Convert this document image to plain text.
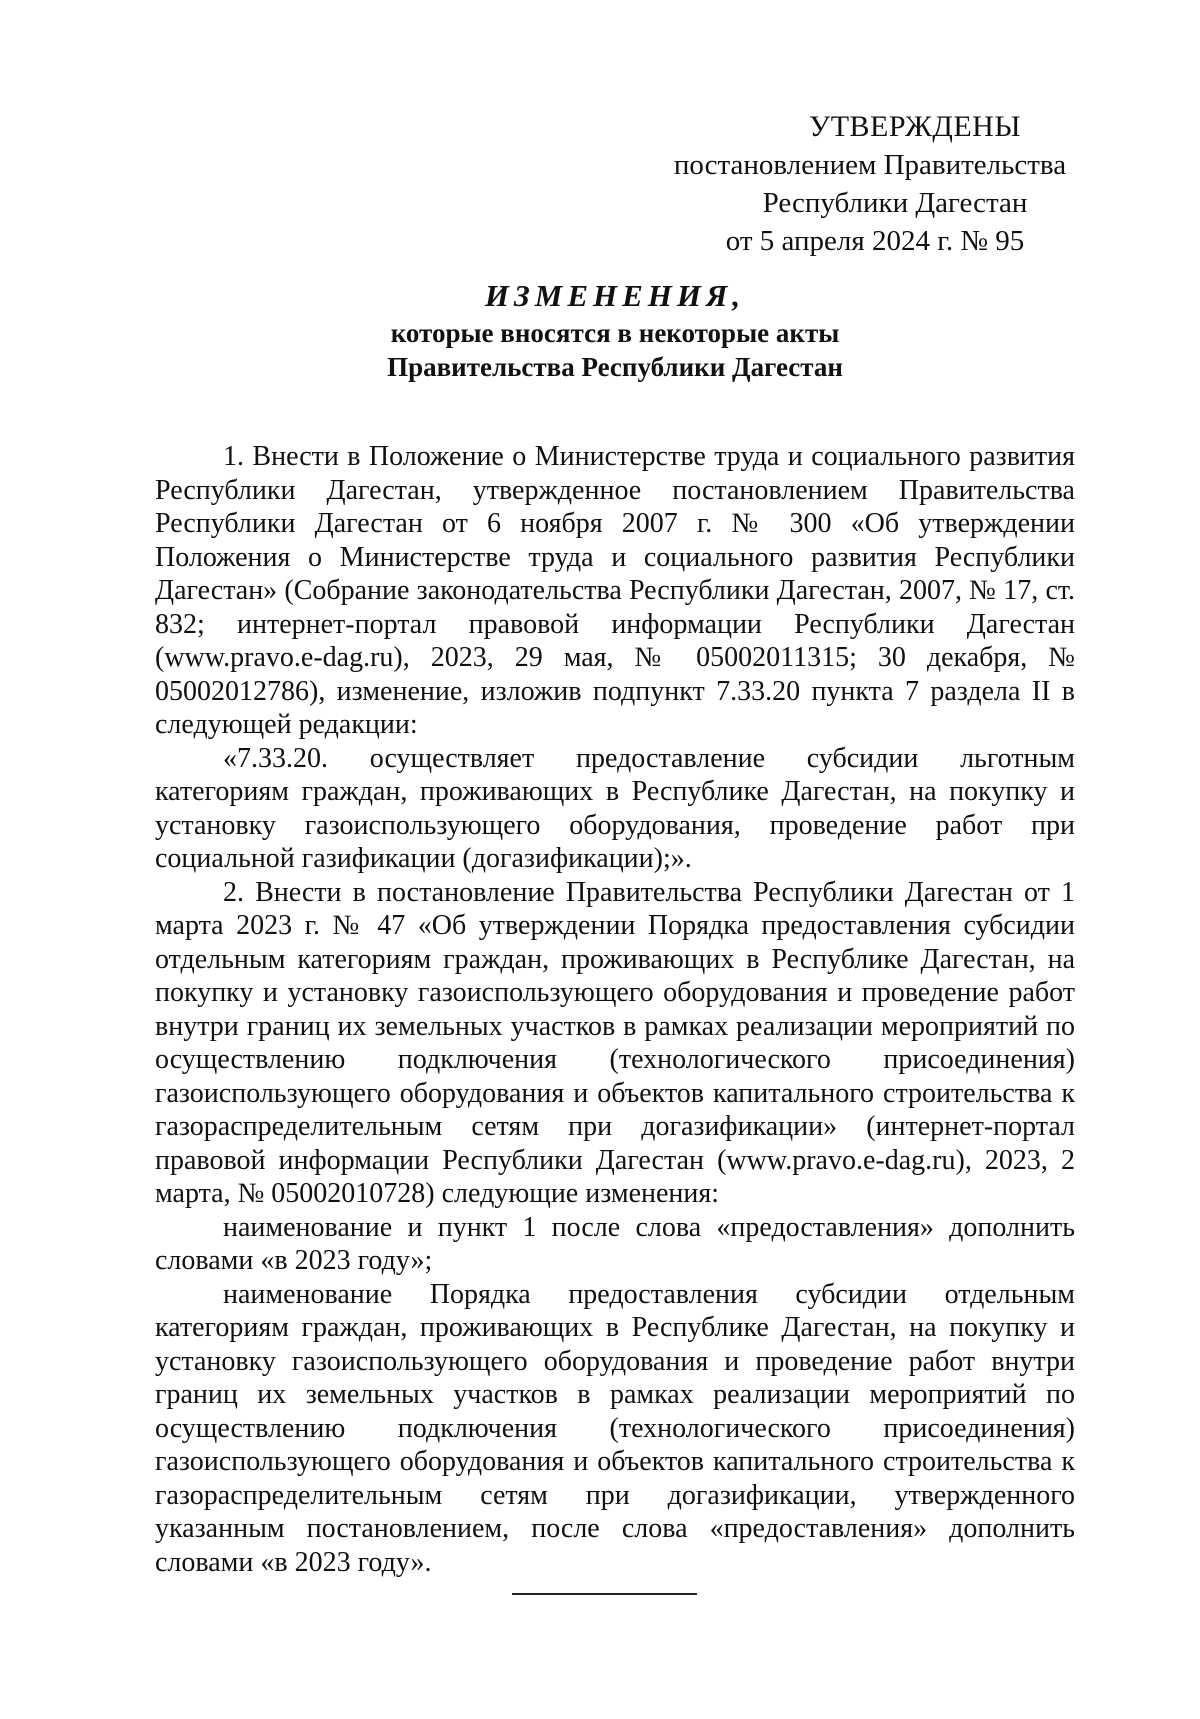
УТВЕРЖДЕНЫ
постановлением Правительства
Республики Дагестан
от 5 апреля 2024 г. № 95
ИЗМЕНЕНИЯ,
которые вносятся в некоторые акты
Правительства Республики Дагестан

1. Внести в Положение о Министерстве труда и социального развития Республики Дагестан, утвержденное постановлением Правительства Республики Дагестан от 6 ноября 2007 г. № 300 «Об утверждении Положения о Министерстве труда и социального развития Республики Дагестан» (Собрание законодательства Республики Дагестан, 2007, № 17, ст. 832; интернет-портал правовой информации Республики Дагестан (www.pravo.e-dag.ru), 2023, 29 мая, № 05002011315; 30 декабря, № 05002012786), изменение, изложив подпункт 7.33.20 пункта 7 раздела II в следующей редакции:

«7.33.20. осуществляет предоставление субсидии льготным категориям граждан, проживающих в Республике Дагестан, на покупку и установку газоиспользующего оборудования, проведение работ при социальной газификации (догазификации);».

2. Внести в постановление Правительства Республики Дагестан от 1 марта 2023 г. № 47 «Об утверждении Порядка предоставления субсидии отдельным категориям граждан, проживающих в Республике Дагестан, на покупку и установку газоиспользующего оборудования и проведение работ внутри границ их земельных участков в рамках реализации мероприятий по осуществлению подключения (технологического присоединения) газоиспользующего оборудования и объектов капитального строительства к газораспределительным сетям при догазификации» (интернет-портал правовой информации Республики Дагестан (www.pravo.e-dag.ru), 2023, 2 марта, № 05002010728) следующие изменения:

наименование и пункт 1 после слова «предоставления» дополнить словами «в 2023 году»;

наименование Порядка предоставления субсидии отдельным категориям граждан, проживающих в Республике Дагестан, на покупку и установку газоиспользующего оборудования и проведение работ внутри границ их земельных участков в рамках реализации мероприятий по осуществлению подключения (технологического присоединения) газоиспользующего оборудования и объектов капитального строительства к газораспределительным сетям при догазификации, утвержденного указанным постановлением, после слова «предоставления» дополнить словами «в 2023 году».
